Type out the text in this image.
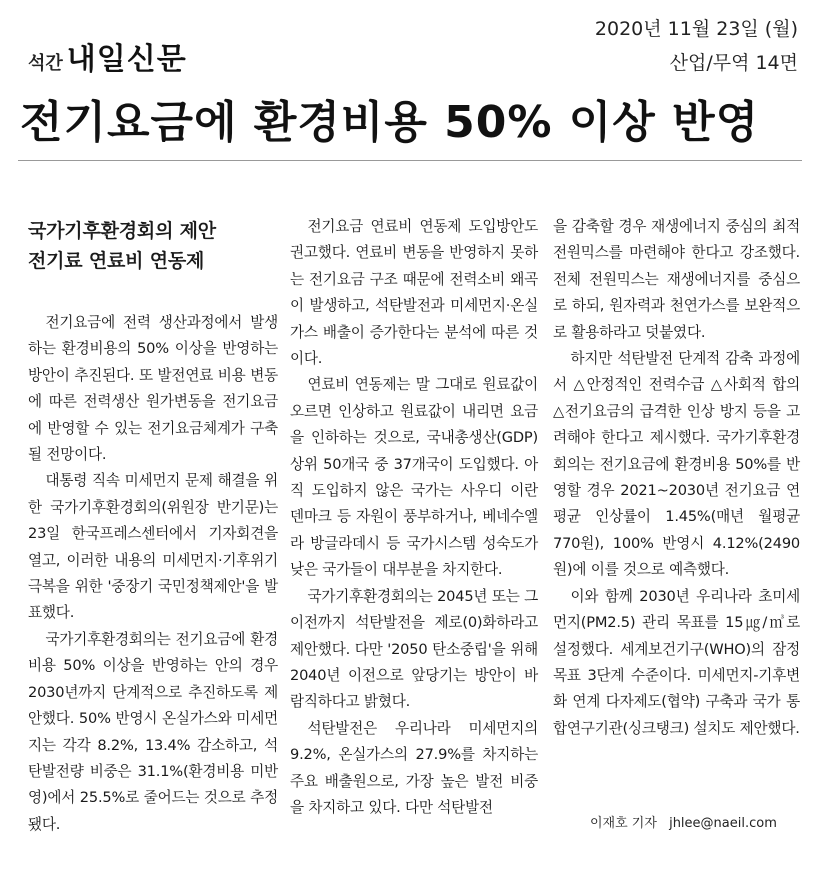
석간 내일신문
2020년 11월 23일 (월)
산업/무역 14면
전기요금에 환경비용 50% 이상 반영
국가기후환경회의 제안
전기료 연료비 연동제

전기요금에 전력 생산과정에서 발생하는 환경비용의 50% 이상을 반영하는 방안이 추진된다. 또 발전연료 비용 변동에 따른 전력생산 원가변동을 전기요금에 반영할 수 있는 전기요금체계가 구축될 전망이다.

대통령 직속 미세먼지 문제 해결을 위한 국가기후환경회의(위원장 반기문)는 23일 한국프레스센터에서 기자회견을 열고, 이러한 내용의 미세먼지·기후위기 극복을 위한 '중장기 국민정책제안'을 발표했다.

국가기후환경회의는 전기요금에 환경비용 50% 이상을 반영하는 안의 경우 2030년까지 단계적으로 추진하도록 제안했다. 50% 반영시 온실가스와 미세먼지는 각각 8.2%, 13.4% 감소하고, 석탄발전량 비중은 31.1%(환경비용 미반영)에서 25.5%로 줄어드는 것으로 추정됐다.

전기요금 연료비 연동제 도입방안도 권고했다. 연료비 변동을 반영하지 못하는 전기요금 구조 때문에 전력소비 왜곡이 발생하고, 석탄발전과 미세먼지·온실가스 배출이 증가한다는 분석에 따른 것이다.

연료비 연동제는 말 그대로 원료값이 오르면 인상하고 원료값이 내리면 요금을 인하하는 것으로, 국내총생산(GDP) 상위 50개국 중 37개국이 도입했다. 아직 도입하지 않은 국가는 사우디 이란 덴마크 등 자원이 풍부하거나, 베네수엘라 방글라데시 등 국가시스템 성숙도가 낮은 국가들이 대부분을 차지한다.

국가기후환경회의는 2045년 또는 그 이전까지 석탄발전을 제로(0)화하라고 제안했다. 다만 '2050 탄소중립'을 위해 2040년 이전으로 앞당기는 방안이 바람직하다고 밝혔다.

석탄발전은 우리나라 미세먼지의 9.2%, 온실가스의 27.9%를 차지하는 주요 배출원으로, 가장 높은 발전 비중을 차지하고 있다. 다만 석탄발전

을 감축할 경우 재생에너지 중심의 최적 전원믹스를 마련해야 한다고 강조했다. 전체 전원믹스는 재생에너지를 중심으로 하되, 원자력과 천연가스를 보완적으로 활용하라고 덧붙였다.

하지만 석탄발전 단계적 감축 과정에서 △안정적인 전력수급 △사회적 합의 △전기요금의 급격한 인상 방지 등을 고려해야 한다고 제시했다. 국가기후환경회의는 전기요금에 환경비용 50%를 반영할 경우 2021~2030년 전기요금 연평균 인상률이 1.45%(매년 월평균 770원), 100% 반영시 4.12%(2490원)에 이를 것으로 예측했다.

이와 함께 2030년 우리나라 초미세먼지(PM2.5) 관리 목표를 15㎍/㎥로 설정했다. 세계보건기구(WHO)의 잠정목표 3단계 수준이다. 미세먼지-기후변화 연계 다자제도(협약) 구축과 국가 통합연구기관(싱크탱크) 설치도 제안했다.

이재호 기자 jhlee@naeil.com
